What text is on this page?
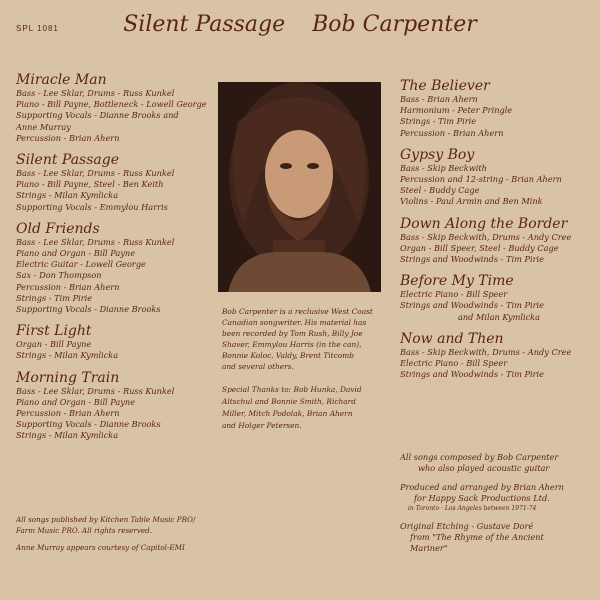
SPL 1081	Silent Passage Bob Carpenter

Miracle Man

Bass - Lee Sklar, Drums - Russ Kunkel

Piano - Bill Payne, Bottleneck - Lowell George

Supporting Vocals - Dianne Brooks and

Anne Murray

Percussion - Brian Ahern

Silent Passage

Bass - Lee Sklar, Drums - Russ Kunkel

Piano - Bill Payne, Steel - Ben Keith

Strings - Milan Kymlicka

Supporting Vocals - Emmylou Harris

Old Friends

Bass - Lee Sklar, Drums - Russ Kunkel

Piano and Organ - Bill Payne

Electric Guitar - Lowell George

Sax - Don Thompson

Percussion - Brian Ahern

Strings - Tim Pirie

Supporting Vocals - Dianne Brooks

First Light

Organ - Bill Payne

Strings - Milan Kymlicka

Morning Train

Bass - Lee Sklar, Drums - Russ Kunkel

Piano and Organ - Bill Payne

Percussion - Brian Ahern

Supporting Vocals - Dianne Brooks

Strings - Milan Kymlicka

Bob Carpenter is a reclusive West Coast

Canadian songwriter. His material has

been recorded by Tom Rush, Billy Joe

Shaver, Emmylou Harris (in the can),

Bonnie Koloc, Valdy, Brent Titcomb

and several others.

Special Thanks to: Bob Hunka, David

Altschul and Bonnie Smith, Richard

Miller, Mitch Podolak, Brian Ahern

and Holger Petersen.

The Believer

Bass - Brian Ahern

Harmonium - Peter Pringle

Strings - Tim Pirie

Percussion - Brian Ahern

Gypsy Boy

Bass - Skip Beckwith

Percussion and 12-string - Brian Ahern

Steel - Buddy Cage

Violins - Paul Armin and Ben Mink

Down Along the Border

Bass - Skip Beckwith, Drums - Andy Cree

Organ - Bill Speer, Steel - Buddy Cage

Strings and Woodwinds - Tim Pirie

Before My Time

Electric Piano - Bill Speer

Strings and Woodwinds - Tim Pirie

and Milan Kymlicka

Now and Then

Bass - Skip Beckwith, Drums - Andy Cree

Electric Piano - Bill Speer

Strings and Woodwinds - Tim Pirie

All songs composed by Bob Carpenter

who also played acoustic guitar

Produced and arranged by Brian Ahern

for Happy Sack Productions Ltd.

in Toronto · Los Angeles between 1971-74

Original Etching - Gustave Doré

from "The Rhyme of the Ancient

Mariner"

All songs published by Kitchen Table Music PRO/

Farm Music PRO. All rights reserved.

Anne Murray appears courtesy of Capitol-EMI
